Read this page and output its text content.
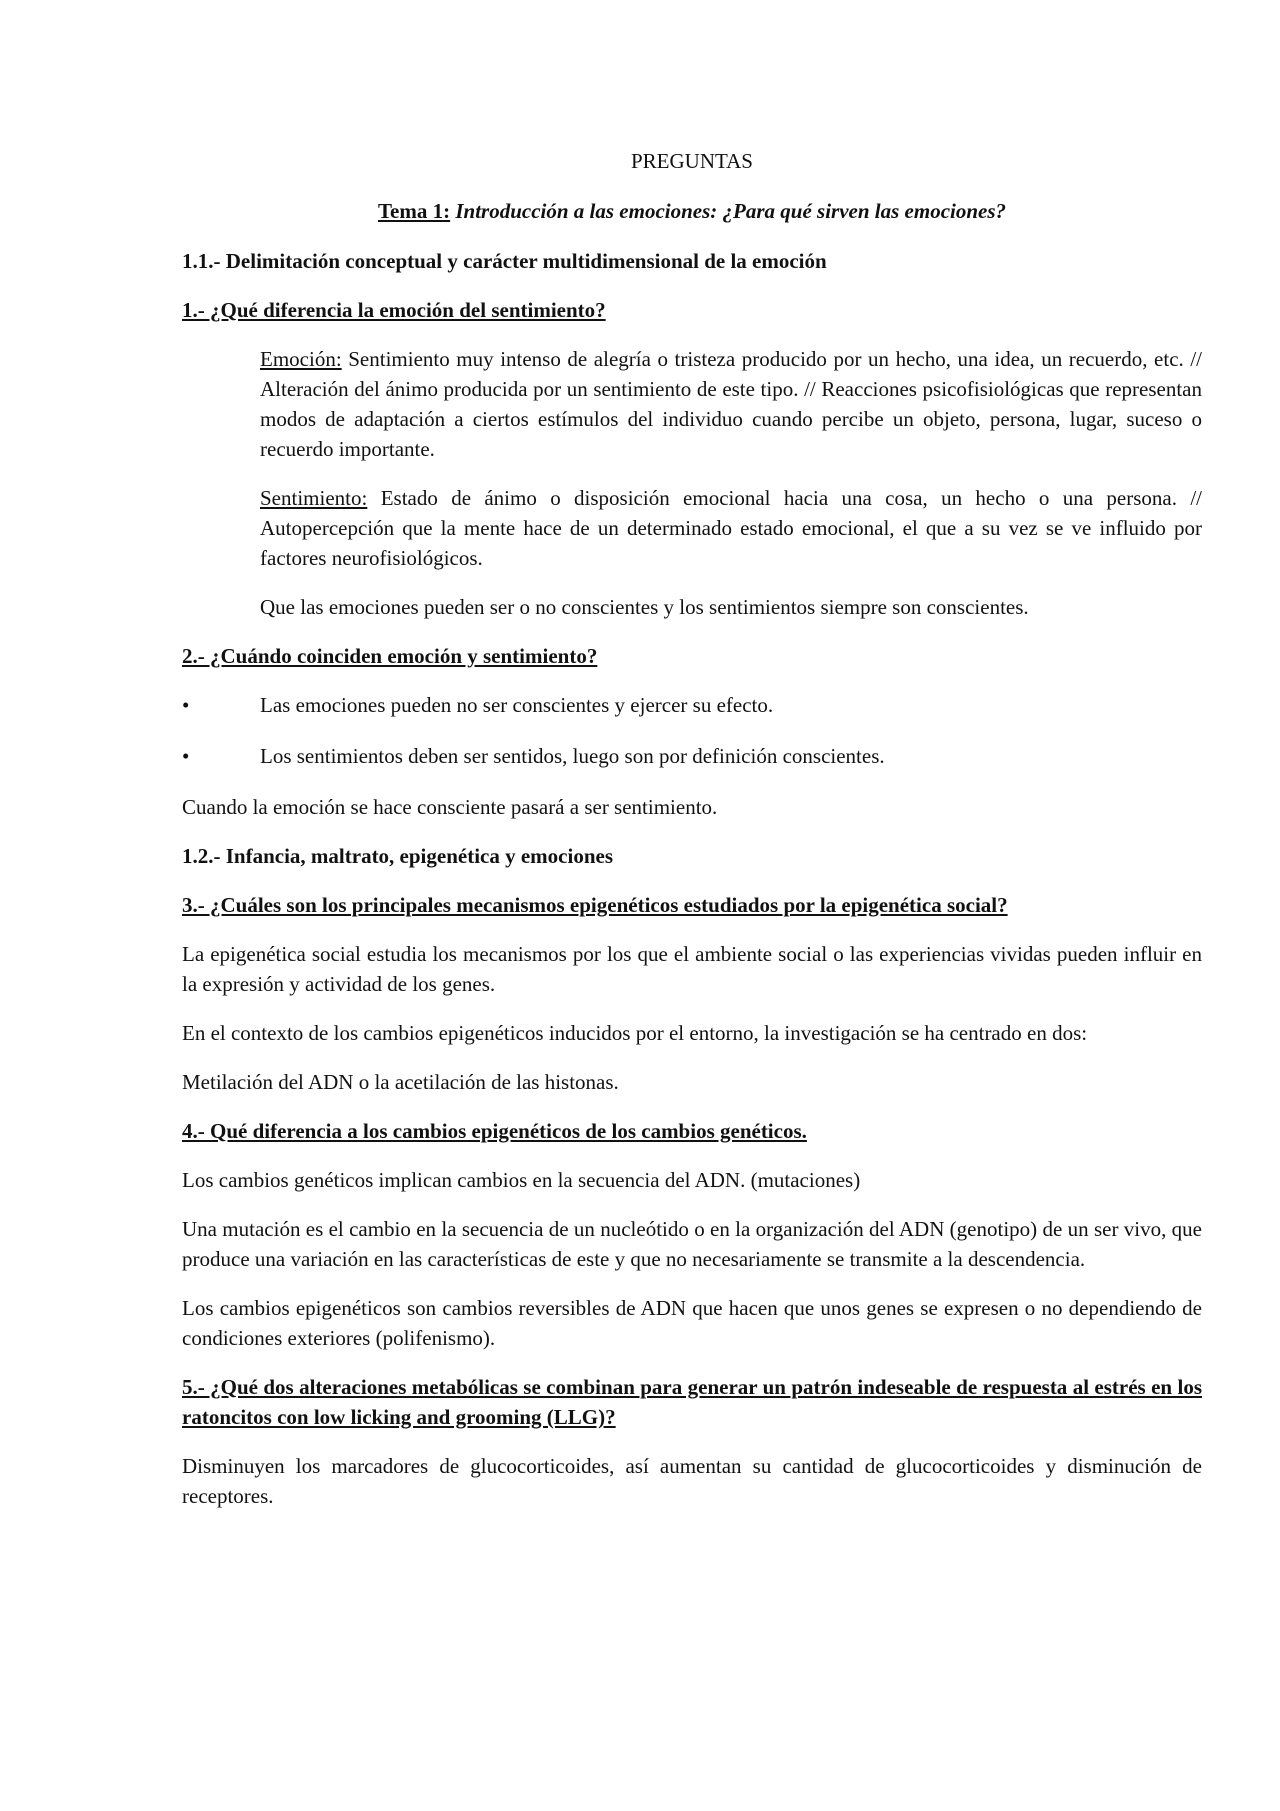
PREGUNTAS

Tema 1: Introducción a las emociones: ¿Para qué sirven las emociones?

1.1.- Delimitación conceptual y carácter multidimensional de la emoción

1.- ¿Qué diferencia la emoción del sentimiento?

Emoción: Sentimiento muy intenso de alegría o tristeza producido por un hecho, una idea, un recuerdo, etc. // Alteración del ánimo producida por un sentimiento de este tipo. // Reacciones psicofisiológicas que representan modos de adaptación a ciertos estímulos del individuo cuando percibe un objeto, persona, lugar, suceso o recuerdo importante.

Sentimiento: Estado de ánimo o disposición emocional hacia una cosa, un hecho o una persona. // Autopercepción que la mente hace de un determinado estado emocional, el que a su vez se ve influido por factores neurofisiológicos.

Que las emociones pueden ser o no conscientes y los sentimientos siempre son conscientes.

2.- ¿Cuándo coinciden emoción y sentimiento?

•	Las emociones pueden no ser conscientes y ejercer su efecto.
•	Los sentimientos deben ser sentidos, luego son por definición conscientes.

Cuando la emoción se hace consciente pasará a ser sentimiento.

1.2.- Infancia, maltrato, epigenética y emociones

3.- ¿Cuáles son los principales mecanismos epigenéticos estudiados por la epigenética social?

La epigenética social estudia los mecanismos por los que el ambiente social o las experiencias vividas pueden influir en la expresión y actividad de los genes.

En el contexto de los cambios epigenéticos inducidos por el entorno, la investigación se ha centrado en dos:

Metilación del ADN o la acetilación de las histonas.

4.- Qué diferencia a los cambios epigenéticos de los cambios genéticos.

Los cambios genéticos implican cambios en la secuencia del ADN. (mutaciones)

Una mutación es el cambio en la secuencia de un nucleótido o en la organización del ADN (genotipo) de un ser vivo, que produce una variación en las características de este y que no necesariamente se transmite a la descendencia.

Los cambios epigenéticos son cambios reversibles de ADN que hacen que unos genes se expresen o no dependiendo de condiciones exteriores (polifenismo).

5.- ¿Qué dos alteraciones metabólicas se combinan para generar un patrón indeseable de respuesta al estrés en los ratoncitos con low licking and grooming (LLG)?

Disminuyen los marcadores de glucocorticoides, así aumentan su cantidad de glucocorticoides y disminución de receptores.
